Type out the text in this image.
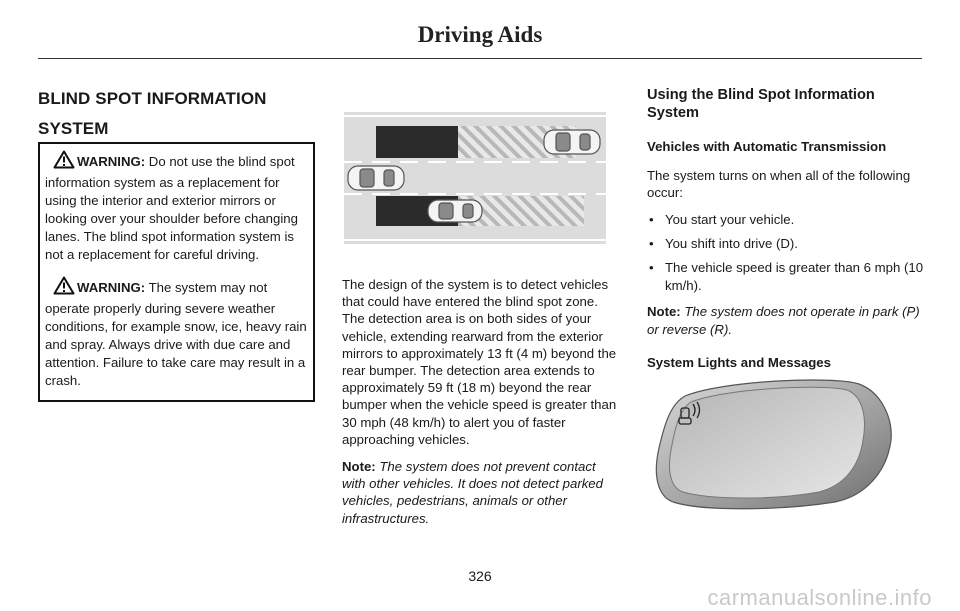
Driving Aids
BLIND SPOT INFORMATION
SYSTEM

WARNING: Do not use the blind spot information system as a replacement for using the interior and exterior mirrors or looking over your shoulder before changing lanes. The blind spot information system is not a replacement for careful driving.

WARNING: The system may not operate properly during severe weather conditions, for example snow, ice, heavy rain and spray. Always drive with due care and attention. Failure to take care may result in a crash.

The design of the system is to detect vehicles that could have entered the blind spot zone. The detection area is on both sides of your vehicle, extending rearward from the exterior mirrors to approximately 13 ft (4 m) beyond the rear bumper. The detection area extends to approximately 59 ft (18 m) beyond the rear bumper when the vehicle speed is greater than 30 mph (48 km/h) to alert you of faster approaching vehicles.

Note: The system does not prevent contact with other vehicles. It does not detect parked vehicles, pedestrians, animals or other infrastructures.

Using the Blind Spot Information System
Vehicles with Automatic Transmission

The system turns on when all of the following occur:

• You start your vehicle.
• You shift into drive (D).
• The vehicle speed is greater than 6 mph (10 km/h).

Note: The system does not operate in park (P) or reverse (R).

System Lights and Messages
326
carmanualsonline.info
